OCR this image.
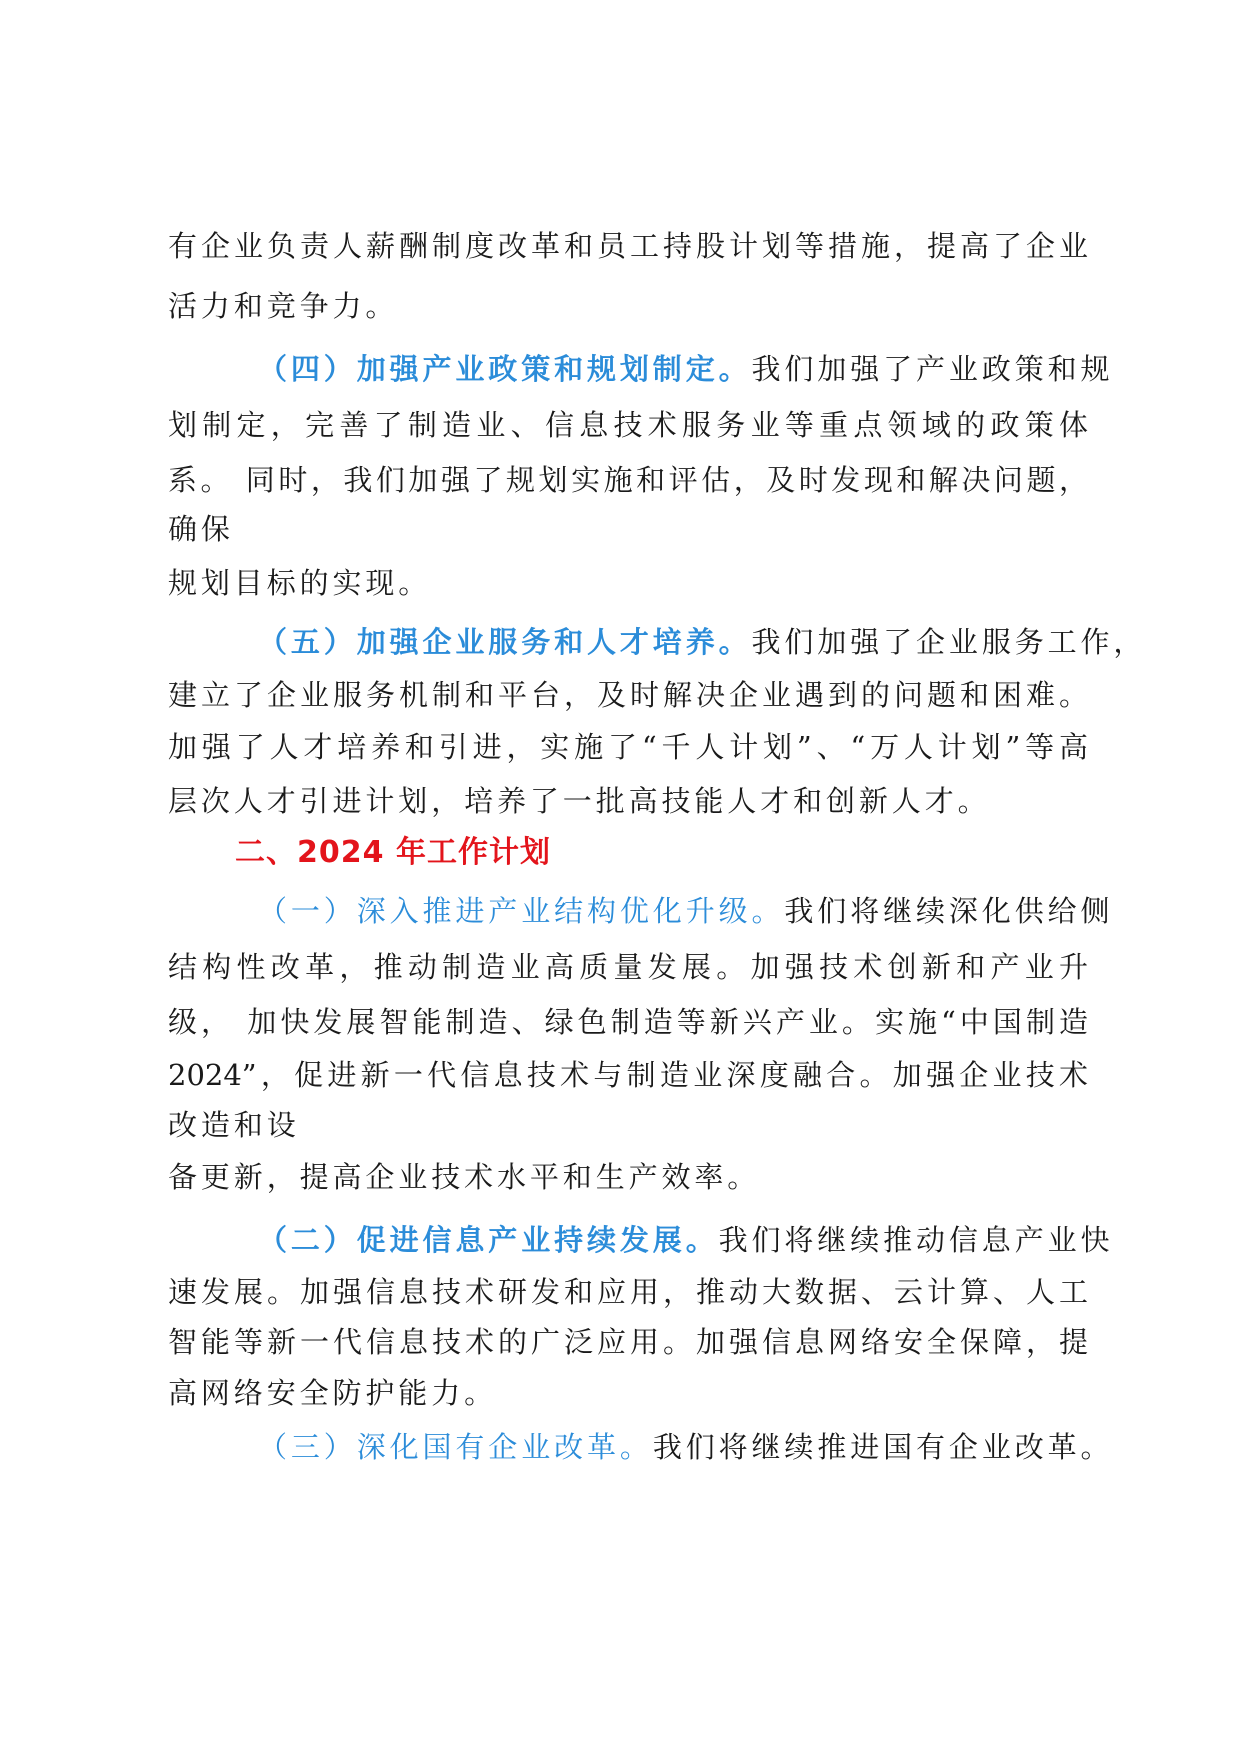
有企业负责人薪酬制度改革和员工持股计划等措施，提高了企业
活力和竞争力。
（四）加强产业政策和规划制定。我们加强了产业政策和规
划制定，完善了制造业、信息技术服务业等重点领域的政策体
系。 同时，我们加强了规划实施和评估，及时发现和解决问题，
确保
规划目标的实现。
（五）加强企业服务和人才培养。我们加强了企业服务工作，
建立了企业服务机制和平台，及时解决企业遇到的问题和困难。
加强了人才培养和引进，实施了“千人计划”、“万人计划”等高
层次人才引进计划，培养了一批高技能人才和创新人才。
二、2024 年工作计划
（一）深入推进产业结构优化升级。我们将继续深化供给侧
结构性改革，推动制造业高质量发展。加强技术创新和产业升
级， 加快发展智能制造、绿色制造等新兴产业。实施“中国制造
2024”，促进新一代信息技术与制造业深度融合。加强企业技术
改造和设
备更新，提高企业技术水平和生产效率。
（二）促进信息产业持续发展。我们将继续推动信息产业快
速发展。加强信息技术研发和应用，推动大数据、云计算、人工
智能等新一代信息技术的广泛应用。加强信息网络安全保障，提
高网络安全防护能力。
（三）深化国有企业改革。我们将继续推进国有企业改革。
